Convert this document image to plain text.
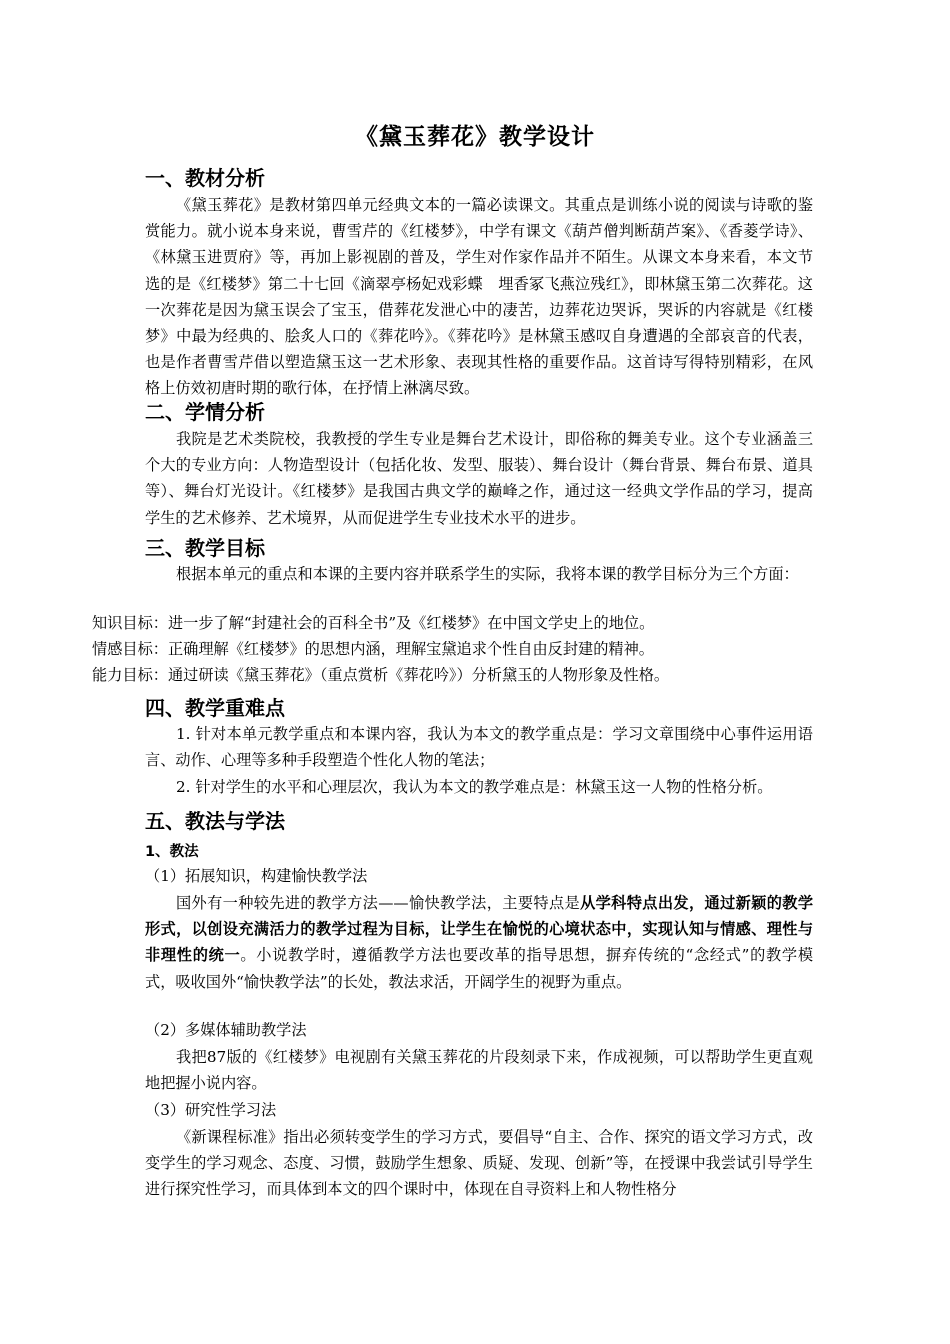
《黛玉葬花》教学设计
一、教材分析

《黛玉葬花》是教材第四单元经典文本的一篇必读课文。其重点是训练小说的阅读与诗歌的鉴赏能力。就小说本身来说，曹雪芹的《红楼梦》，中学有课文《葫芦僧判断葫芦案》、《香菱学诗》、《林黛玉进贾府》等，再加上影视剧的普及，学生对作家作品并不陌生。从课文本身来看，本文节选的是《红楼梦》第二十七回《滴翠亭杨妃戏彩蝶　埋香冢飞燕泣残红》，即林黛玉第二次葬花。这一次葬花是因为黛玉误会了宝玉，借葬花发泄心中的凄苦，边葬花边哭诉，哭诉的内容就是《红楼梦》中最为经典的、脍炙人口的《葬花吟》。《葬花吟》是林黛玉感叹自身遭遇的全部哀音的代表，也是作者曹雪芹借以塑造黛玉这一艺术形象、表现其性格的重要作品。这首诗写得特别精彩，在风格上仿效初唐时期的歌行体，在抒情上淋漓尽致。

二、学情分析

我院是艺术类院校，我教授的学生专业是舞台艺术设计，即俗称的舞美专业。这个专业涵盖三个大的专业方向：人物造型设计（包括化妆、发型、服装）、舞台设计（舞台背景、舞台布景、道具等）、舞台灯光设计。《红楼梦》是我国古典文学的巅峰之作，通过这一经典文学作品的学习，提高学生的艺术修养、艺术境界，从而促进学生专业技术水平的进步。

三、教学目标

根据本单元的重点和本课的主要内容并联系学生的实际，我将本课的教学目标分为三个方面：

知识目标：进一步了解“封建社会的百科全书”及《红楼梦》在中国文学史上的地位。

情感目标：正确理解《红楼梦》的思想内涵，理解宝黛追求个性自由反封建的精神。

能力目标：通过研读《黛玉葬花》（重点赏析《葬花吟》）分析黛玉的人物形象及性格。

四、教学重难点

1. 针对本单元教学重点和本课内容，我认为本文的教学重点是：学习文章围绕中心事件运用语言、动作、心理等多种手段塑造个性化人物的笔法；

2. 针对学生的水平和心理层次，我认为本文的教学难点是：林黛玉这一人物的性格分析。

五、教法与学法
1、教法

（1）拓展知识，构建愉快教学法

国外有一种较先进的教学方法——愉快教学法，主要特点是从学科特点出发，通过新颖的教学形式，以创设充满活力的教学过程为目标，让学生在愉悦的心境状态中，实现认知与情感、理性与非理性的统一。小说教学时，遵循教学方法也要改革的指导思想，摒弃传统的“念经式”的教学模式，吸收国外“愉快教学法”的长处，教法求活，开阔学生的视野为重点。

（2）多媒体辅助教学法

我把87版的《红楼梦》电视剧有关黛玉葬花的片段刻录下来，作成视频，可以帮助学生更直观地把握小说内容。

（3）研究性学习法

《新课程标准》指出必须转变学生的学习方式，要倡导“自主、合作、探究的语文学习方式，改变学生的学习观念、态度、习惯，鼓励学生想象、质疑、发现、创新”等，在授课中我尝试引导学生进行探究性学习，而具体到本文的四个课时中，体现在自寻资料上和人物性格分
